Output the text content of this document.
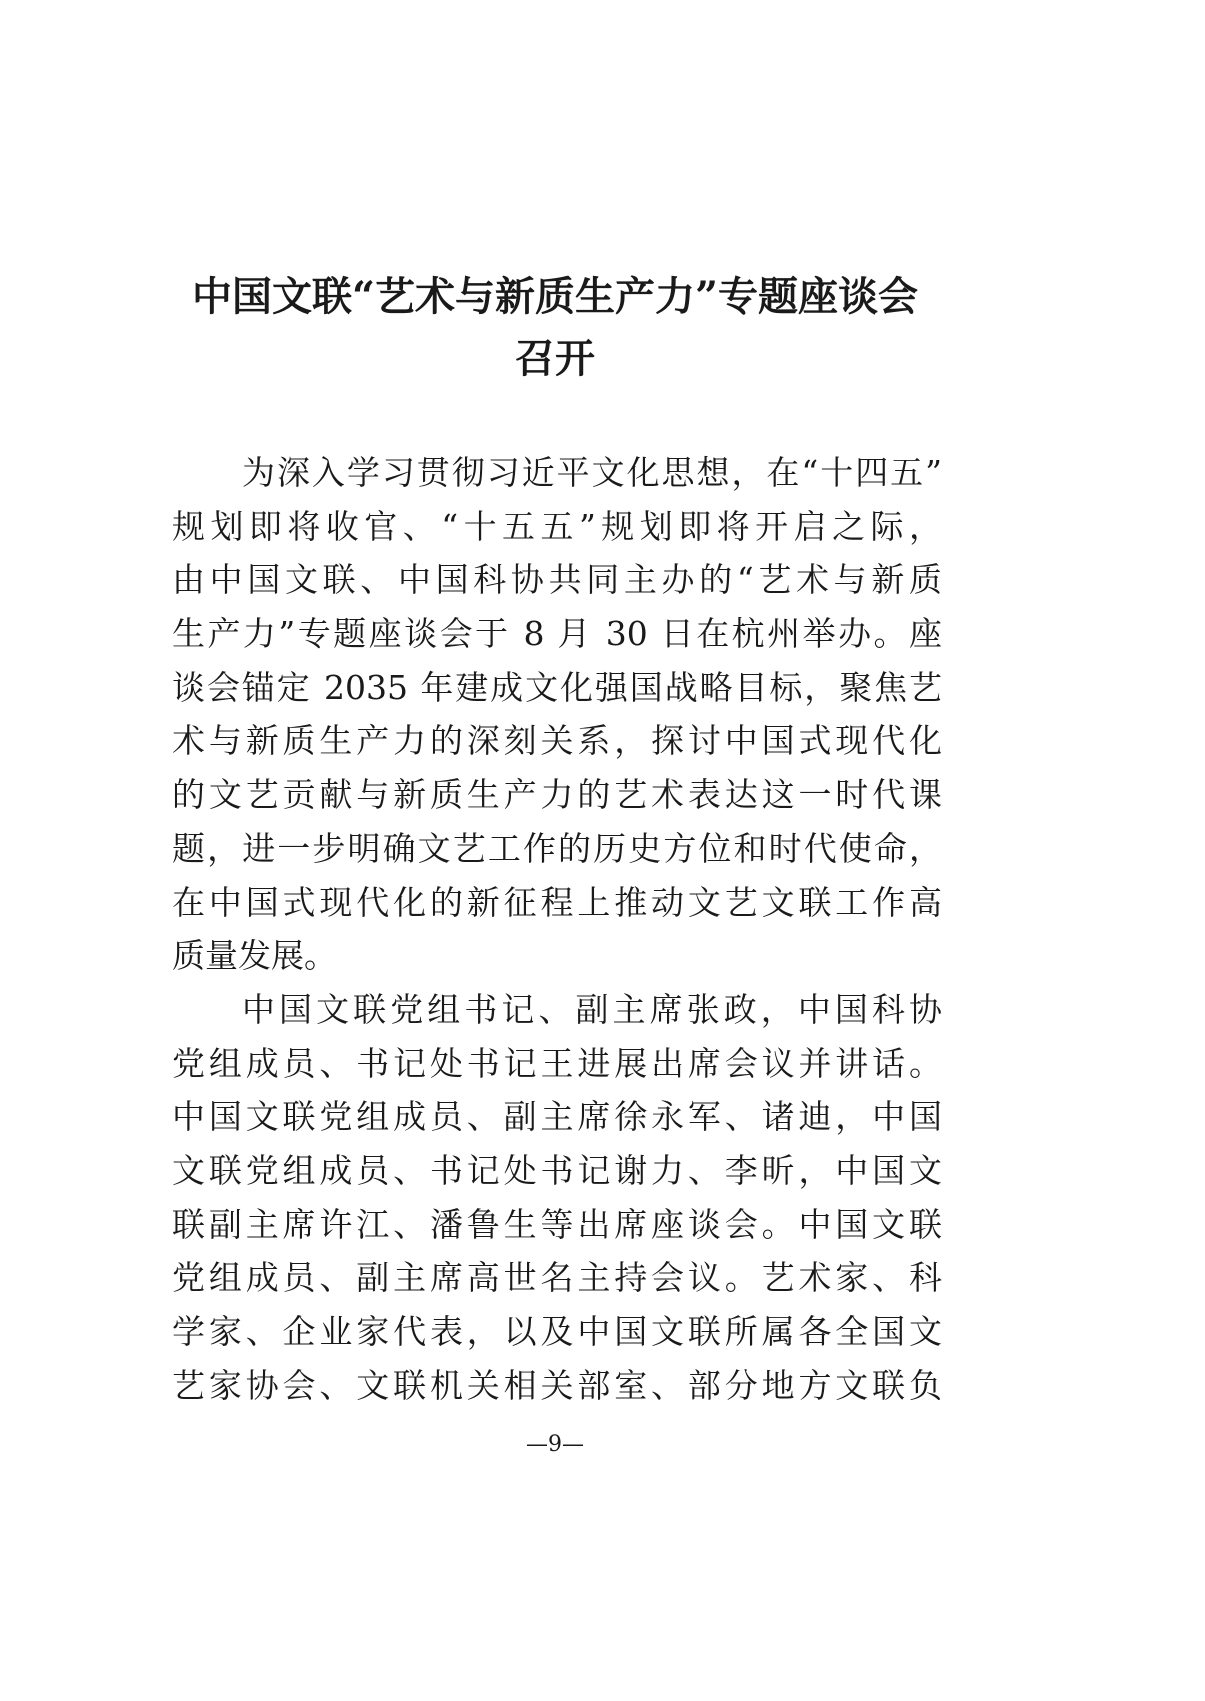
中国文联“艺术与新质生产力”专题座谈会
召开
为深入学习贯彻习近平文化思想，在“十四五”
规划即将收官、“十五五”规划即将开启之际，
由中国文联、中国科协共同主办的“艺术与新质
生产力”专题座谈会于 8 月 30 日在杭州举办。座
谈会锚定 2035 年建成文化强国战略目标，聚焦艺
术与新质生产力的深刻关系，探讨中国式现代化
的文艺贡献与新质生产力的艺术表达这一时代课
题，进一步明确文艺工作的历史方位和时代使命，
在中国式现代化的新征程上推动文艺文联工作高
质量发展。
中国文联党组书记、副主席张政，中国科协
党组成员、书记处书记王进展出席会议并讲话。
中国文联党组成员、副主席徐永军、诸迪，中国
文联党组成员、书记处书记谢力、李昕，中国文
联副主席许江、潘鲁生等出席座谈会。中国文联
党组成员、副主席高世名主持会议。艺术家、科
学家、企业家代表，以及中国文联所属各全国文
艺家协会、文联机关相关部室、部分地方文联负
—9—
